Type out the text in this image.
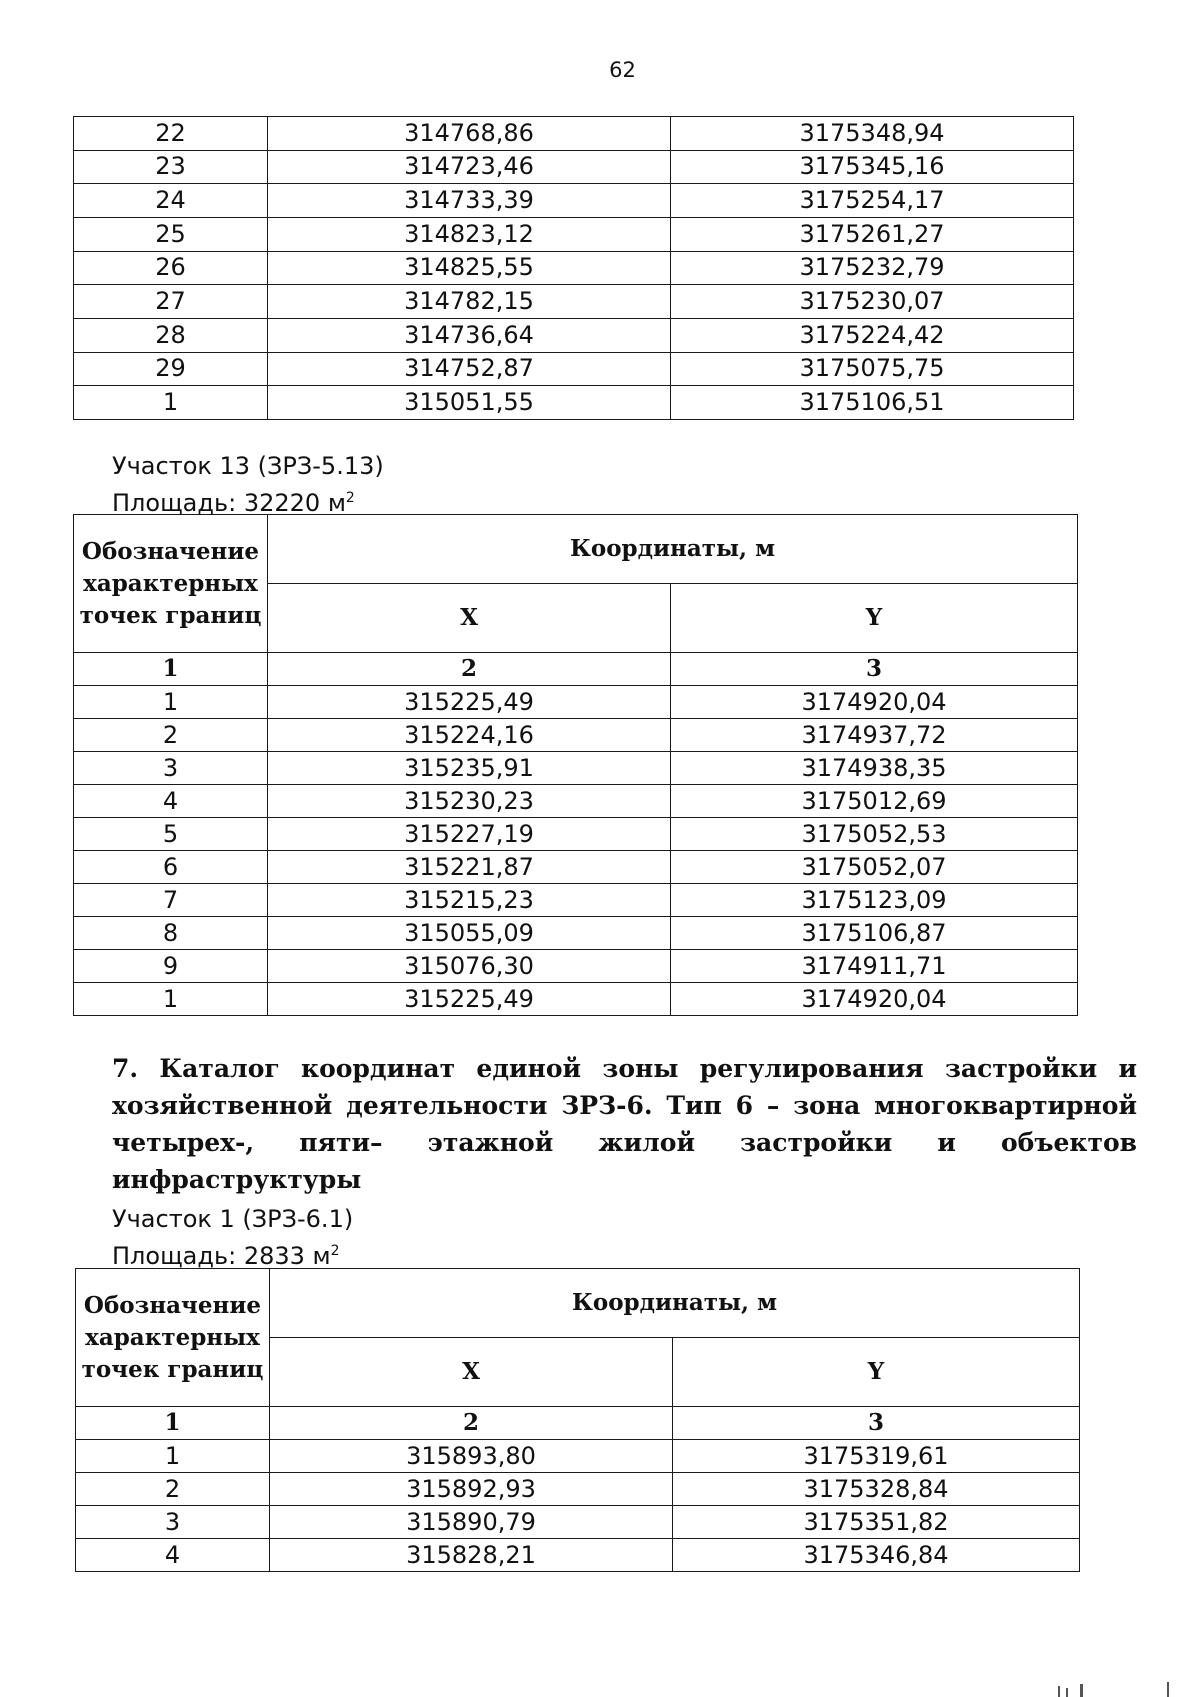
62
22	314768,86	3175348,94
23	314723,46	3175345,16
24	314733,39	3175254,17
25	314823,12	3175261,27
26	314825,55	3175232,79
27	314782,15	3175230,07
28	314736,64	3175224,42
29	314752,87	3175075,75
1	315051,55	3175106,51
Участок 13 (ЗРЗ-5.13)
Площадь: 32220 $м^2$
Обозначение характерных точек границ	Координаты, м	
	X	Y
1	2	3
1	315225,49	3174920,04
2	315224,16	3174937,72
3	315235,91	3174938,35
4	315230,23	3175012,69
5	315227,19	3175052,53
6	315221,87	3175052,07
7	315215,23	3175123,09
8	315055,09	3175106,87
9	315076,30	3174911,71
1	315225,49	3174920,04
7. Каталог координат единой зоны регулирования застройки и хозяйственной деятельности ЗРЗ-6. Тип 6 – зона многоквартирной четырех-, пяти– этажной жилой застройки и объектов инфраструктуры
Участок 1 (ЗРЗ-6.1)
Площадь: 2833 $м^2$
Обозначение характерных точек границ	Координаты, м	
	X	Y
1	2	3
1	315893,80	3175319,61
2	315892,93	3175328,84
3	315890,79	3175351,82
4	315828,21	3175346,84
